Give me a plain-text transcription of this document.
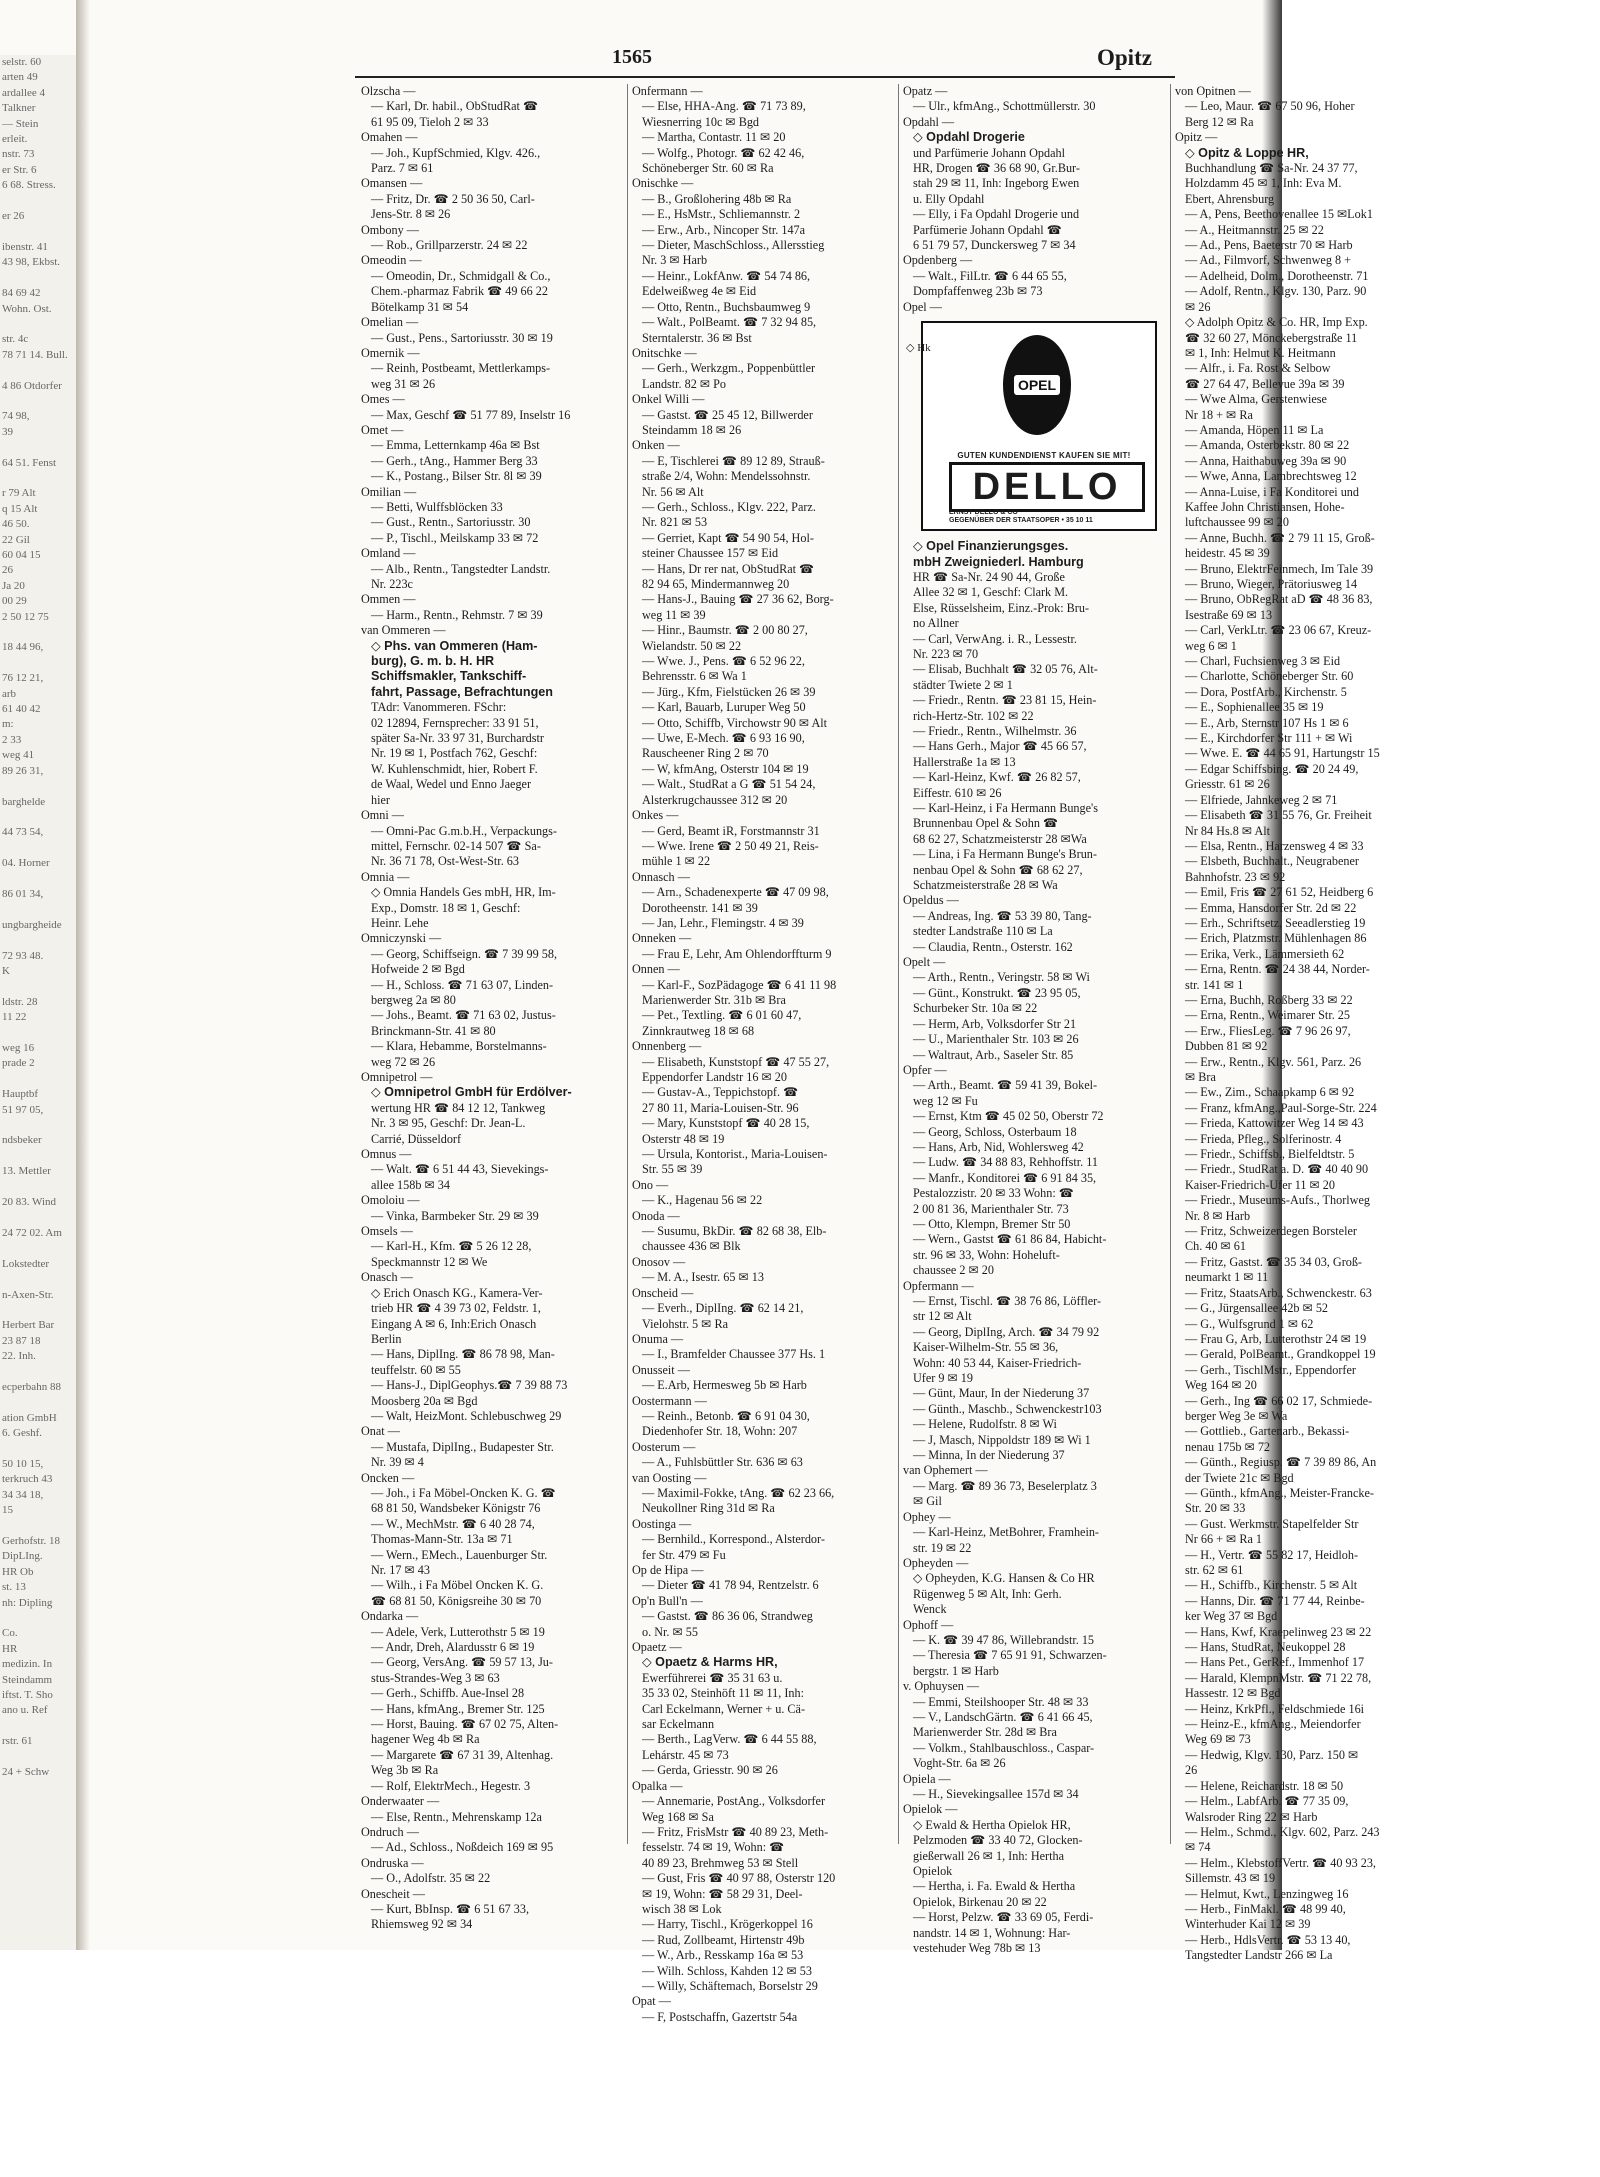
selstr. 60
arten 49
ardallee 4
Talkner
— Stein
erleit.
nstr. 73
er Str. 6
6 68. Stress.

er 26

ibenstr. 41
43 98, Ekbst.

84 69 42
Wohn. Ost.

str. 4c
78 71 14. Bull.

4 86 Otdorfer

74 98,
39

64 51. Fenst

r 79 Alt
q 15 Alt
46 50.
22 Gil
60 04 15
26
Ja 20
00 29
2 50 12 75

18 44 96,

76 12 21,
arb
61 40 42
m:
2 33
weg 41
89 26 31,

barghelde

44 73 54,

04. Horner

86 01 34,

ungbargheide

72 93 48.
K

ldstr. 28
11 22

weg 16
prade 2

Hauptbf
51 97 05,

ndsbeker

13. Mettler

20 83. Wind

24 72 02. Am

Lokstedter

n-Axen-Str.

Herbert Bar
23 87 18
22. Inh.

ecperbahn 88

ation GmbH
6. Geshf.

50 10 15,
terkruch 43
34 34 18,
15

Gerhofstr. 18
DipLIng.
HR Ob
st. 13
nh: Dipling

Co.
HR
medizin. In
Steindamm
iftst. T. Sho
ano u. Ref

rstr. 61

24 + Schw
1565	Opitz
Olzscha —
— Karl, Dr. habil., ObStudRat ☎
61 95 09, Tieloh 2 ✉ 33
Omahen —
— Joh., KupfSchmied, Klgv. 426.,
Parz. 7 ✉ 61
Omansen —
— Fritz, Dr. ☎ 2 50 36 50, Carl-
Jens-Str. 8 ✉ 26
Ombony —
— Rob., Grillparzerstr. 24 ✉ 22
Omeodin —
— Omeodin, Dr., Schmidgall & Co.,
Chem.-pharmaz Fabrik ☎ 49 66 22
Bötelkamp 31 ✉ 54
Omelian —
— Gust., Pens., Sartoriusstr. 30 ✉ 19
Omernik —
— Reinh, Postbeamt, Mettlerkamps-
weg 31 ✉ 26
Omes —
— Max, Geschf ☎ 51 77 89, Inselstr 16
Omet —
— Emma, Letternkamp 46a ✉ Bst
— Gerh., tAng., Hammer Berg 33
— K., Postang., Bilser Str. 8l ✉ 39
Omilian —
— Betti, Wulffsblöcken 33
— Gust., Rentn., Sartoriusstr. 30
— P., Tischl., Meilskamp 33 ✉ 72
Omland —
— Alb., Rentn., Tangstedter Landstr.
Nr. 223c
Ommen —
— Harm., Rentn., Rehmstr. 7 ✉ 39
van Ommeren —
◇ Phs. van Ommeren (Ham-
burg), G. m. b. H. HR
Schiffsmakler, Tankschiff-
fahrt, Passage, Befrachtungen
TAdr: Vanommeren. FSchr:
02 12894, Fernsprecher: 33 91 51,
später Sa-Nr. 33 97 31, Burchardstr
Nr. 19 ✉ 1, Postfach 762, Geschf:
W. Kuhlenschmidt, hier, Robert F.
de Waal, Wedel und Enno Jaeger
hier
Omni —
— Omni-Pac G.m.b.H., Verpackungs-
mittel, Fernschr. 02-14 507 ☎ Sa-
Nr. 36 71 78, Ost-West-Str. 63
Omnia —
◇ Omnia Handels Ges mbH, HR, Im-
Exp., Domstr. 18 ✉ 1, Geschf:
Heinr. Lehe
Omniczynski —
— Georg, Schiffseign. ☎ 7 39 99 58,
Hofweide 2 ✉ Bgd
— H., Schloss. ☎ 71 63 07, Linden-
bergweg 2a ✉ 80
— Johs., Beamt. ☎ 71 63 02, Justus-
Brinckmann-Str. 41 ✉ 80
— Klara, Hebamme, Borstelmanns-
weg 72 ✉ 26
Omnipetrol —
◇ Omnipetrol GmbH für Erdölver-
wertung HR ☎ 84 12 12, Tankweg
Nr. 3 ✉ 95, Geschf: Dr. Jean-L.
Carrié, Düsseldorf
Omnus —
— Walt. ☎ 6 51 44 43, Sievekings-
allee 158b ✉ 34
Omoloiu —
— Vinka, Barmbeker Str. 29 ✉ 39
Omsels —
— Karl-H., Kfm. ☎ 5 26 12 28,
Speckmannstr 12 ✉ We
Onasch —
◇ Erich Onasch KG., Kamera-Ver-
trieb HR ☎ 4 39 73 02, Feldstr. 1,
Eingang A ✉ 6, Inh:Erich Onasch
Berlin
— Hans, DiplIng. ☎ 86 78 98, Man-
teuffelstr. 60 ✉ 55
— Hans-J., DiplGeophys.☎ 7 39 88 73
Moosberg 20a ✉ Bgd
— Walt, HeizMont. Schlebuschweg 29
Onat —
— Mustafa, DiplIng., Budapester Str.
Nr. 39 ✉ 4
Oncken —
— Joh., i Fa Möbel-Oncken K. G. ☎
68 81 50, Wandsbeker Königstr 76
— W., MechMstr. ☎ 6 40 28 74,
Thomas-Mann-Str. 13a ✉ 71
— Wern., EMech., Lauenburger Str.
Nr. 17 ✉ 43
— Wilh., i Fa Möbel Oncken K. G.
☎ 68 81 50, Königsreihe 30 ✉ 70
Ondarka —
— Adele, Verk, Lutterothstr 5 ✉ 19
— Andr, Dreh, Alardusstr 6 ✉ 19
— Georg, VersAng. ☎ 59 57 13, Ju-
stus-Strandes-Weg 3 ✉ 63
— Gerh., Schiffb. Aue-Insel 28
— Hans, kfmAng., Bremer Str. 125
— Horst, Bauing. ☎ 67 02 75, Alten-
hagener Weg 4b ✉ Ra
— Margarete ☎ 67 31 39, Altenhag.
Weg 3b ✉ Ra
— Rolf, ElektrMech., Hegestr. 3
Onderwaater —
— Else, Rentn., Mehrenskamp 12a
Ondruch —
— Ad., Schloss., Noßdeich 169 ✉ 95
Ondruska —
— O., Adolfstr. 35 ✉ 22
Onescheit —
— Kurt, BbInsp. ☎ 6 51 67 33,
Rhiemsweg 92 ✉ 34
Onfermann —
— Else, HHA-Ang. ☎ 71 73 89,
Wiesnerring 10c ✉ Bgd
— Martha, Contastr. 11 ✉ 20
— Wolfg., Photogr. ☎ 62 42 46,
Schöneberger Str. 60 ✉ Ra
Onischke —
— B., Großlohering 48b ✉ Ra
— E., HsMstr., Schliemannstr. 2
— Erw., Arb., Nincoper Str. 147a
— Dieter, MaschSchloss., Allersstieg
Nr. 3 ✉ Harb
— Heinr., LokfAnw. ☎ 54 74 86,
Edelweißweg 4e ✉ Eid
— Otto, Rentn., Buchsbaumweg 9
— Walt., PolBeamt. ☎ 7 32 94 85,
Sterntalerstr. 36 ✉ Bst
Onitschke —
— Gerh., Werkzgm., Poppenbüttler
Landstr. 82 ✉ Po
Onkel Willi —
— Gastst. ☎ 25 45 12, Billwerder
Steindamm 18 ✉ 26
Onken —
— E, Tischlerei ☎ 89 12 89, Strauß-
straße 2/4, Wohn: Mendelssohnstr.
Nr. 56 ✉ Alt
— Gerh., Schloss., Klgv. 222, Parz.
Nr. 821 ✉ 53
— Gerriet, Kapt ☎ 54 90 54, Hol-
steiner Chaussee 157 ✉ Eid
— Hans, Dr rer nat, ObStudRat ☎
82 94 65, Mindermannweg 20
— Hans-J., Bauing ☎ 27 36 62, Borg-
weg 11 ✉ 39
— Hinr., Baumstr. ☎ 2 00 80 27,
Wielandstr. 50 ✉ 22
— Wwe. J., Pens. ☎ 6 52 96 22,
Behrensstr. 6 ✉ Wa 1
— Jürg., Kfm, Fielstücken 26 ✉ 39
— Karl, Bauarb, Luruper Weg 50
— Otto, Schiffb, Virchowstr 90 ✉ Alt
— Uwe, E-Mech. ☎ 6 93 16 90,
Rauscheener Ring 2 ✉ 70
— W, kfmAng, Osterstr 104 ✉ 19
— Walt., StudRat a G ☎ 51 54 24,
Alsterkrugchaussee 312 ✉ 20
Onkes —
— Gerd, Beamt iR, Forstmannstr 31
— Wwe. Irene ☎ 2 50 49 21, Reis-
mühle 1 ✉ 22
Onnasch —
— Arn., Schadenexperte ☎ 47 09 98,
Dorotheenstr. 141 ✉ 39
— Jan, Lehr., Flemingstr. 4 ✉ 39
Onneken —
— Frau E, Lehr, Am Ohlendorffturm 9
Onnen —
— Karl-F., SozPädagoge ☎ 6 41 11 98
Marienwerder Str. 31b ✉ Bra
— Pet., Textling. ☎ 6 01 60 47,
Zinnkrautweg 18 ✉ 68
Onnenberg —
— Elisabeth, Kunststopf ☎ 47 55 27,
Eppendorfer Landstr 16 ✉ 20
— Gustav-A., Teppichstopf. ☎
27 80 11, Maria-Louisen-Str. 96
— Mary, Kunststopf ☎ 40 28 15,
Osterstr 48 ✉ 19
— Ursula, Kontorist., Maria-Louisen-
Str. 55 ✉ 39
Ono —
— K., Hagenau 56 ✉ 22
Onoda —
— Susumu, BkDir. ☎ 82 68 38, Elb-
chaussee 436 ✉ Blk
Onosov —
— M. A., Isestr. 65 ✉ 13
Onscheid —
— Everh., DiplIng. ☎ 62 14 21,
Vielohstr. 5 ✉ Ra
Onuma —
— I., Bramfelder Chaussee 377 Hs. 1
Onusseit —
— E.Arb, Hermesweg 5b ✉ Harb
Oostermann —
— Reinh., Betonb. ☎ 6 91 04 30,
Diedenhofer Str. 18, Wohn: 207
Oosterum —
— A., Fuhlsbüttler Str. 636 ✉ 63
van Oosting —
— Maximil-Fokke, tAng. ☎ 62 23 66,
Neukollner Ring 31d ✉ Ra
Oostinga —
— Bernhild., Korrespond., Alsterdor-
fer Str. 479 ✉ Fu
Op de Hipa —
— Dieter ☎ 41 78 94, Rentzelstr. 6
Op'n Bull'n —
— Gastst. ☎ 86 36 06, Strandweg
o. Nr. ✉ 55
Opaetz —
◇ Opaetz & Harms HR,
Ewerführerei ☎ 35 31 63 u.
35 33 02, Steinhöft 11 ✉ 11, Inh:
Carl Eckelmann, Werner + u. Cä-
sar Eckelmann
— Berth., LagVerw. ☎ 6 44 55 88,
Lehárstr. 45 ✉ 73
— Gerda, Griesstr. 90 ✉ 26
Opalka —
— Annemarie, PostAng., Volksdorfer
Weg 168 ✉ Sa
— Fritz, FrisMstr ☎ 40 89 23, Meth-
fesselstr. 74 ✉ 19, Wohn: ☎
40 89 23, Brehmweg 53 ✉ Stell
— Gust, Fris ☎ 40 97 88, Osterstr 120
✉ 19, Wohn: ☎ 58 29 31, Deel-
wisch 38 ✉ Lok
— Harry, Tischl., Krögerkoppel 16
— Rud, Zollbeamt, Hirtenstr 49b
— W., Arb., Resskamp 16a ✉ 53
— Wilh. Schloss, Kahden 12 ✉ 53
— Willy, Schäftemach, Borselstr 29
Opat —
— F, Postschaffn, Gazertstr 54a
Opatz —
— Ulr., kfmAng., Schottmüllerstr. 30
Opdahl —
◇ Opdahl Drogerie
und Parfümerie Johann Opdahl
HR, Drogen ☎ 36 68 90, Gr.Bur-
stah 29 ✉ 11, Inh: Ingeborg Ewen
u. Elly Opdahl
— Elly, i Fa Opdahl Drogerie und
Parfümerie Johann Opdahl ☎
6 51 79 57, Dunckersweg 7 ✉ 34
Opdenberg —
— Walt., FilLtr. ☎ 6 44 65 55,
Dompfaffenweg 23b ✉ 73
Opel —
◇ Hk
OPEL
GUTEN KUNDENDIENST KAUFEN SIE MIT!
DELLO
ERNST DELLO & CO
GEGENÜBER DER STAATSOPER • 35 10 11
◇ Opel Finanzierungsges.
mbH Zweigniederl. Hamburg
HR ☎ Sa-Nr. 24 90 44, Große
Allee 32 ✉ 1, Geschf: Clark M.
Else, Rüsselsheim, Einz.-Prok: Bru-
no Allner
— Carl, VerwAng. i. R., Lessestr.
Nr. 223 ✉ 70
— Elisab, Buchhalt ☎ 32 05 76, Alt-
städter Twiete 2 ✉ 1
— Friedr., Rentn. ☎ 23 81 15, Hein-
rich-Hertz-Str. 102 ✉ 22
— Friedr., Rentn., Wilhelmstr. 36
— Hans Gerh., Major ☎ 45 66 57,
Hallerstraße 1a ✉ 13
— Karl-Heinz, Kwf. ☎ 26 82 57,
Eiffestr. 610 ✉ 26
— Karl-Heinz, i Fa Hermann Bunge's
Brunnenbau Opel & Sohn ☎
68 62 27, Schatzmeisterstr 28 ✉Wa
— Lina, i Fa Hermann Bunge's Brun-
nenbau Opel & Sohn ☎ 68 62 27,
Schatzmeisterstraße 28 ✉ Wa
Opeldus —
— Andreas, Ing. ☎ 53 39 80, Tang-
stedter Landstraße 110 ✉ La
— Claudia, Rentn., Osterstr. 162
Opelt —
— Arth., Rentn., Veringstr. 58 ✉ Wi
— Günt., Konstrukt. ☎ 23 95 05,
Schurbeker Str. 10a ✉ 22
— Herm, Arb, Volksdorfer Str 21
— U., Marienthaler Str. 103 ✉ 26
— Waltraut, Arb., Saseler Str. 85
Opfer —
— Arth., Beamt. ☎ 59 41 39, Bokel-
weg 12 ✉ Fu
— Ernst, Ktm ☎ 45 02 50, Oberstr 72
— Georg, Schloss, Osterbaum 18
— Hans, Arb, Nid, Wohlersweg 42
— Ludw. ☎ 34 88 83, Rehhoffstr. 11
— Manfr., Konditorei ☎ 6 91 84 35,
Pestalozzistr. 20 ✉ 33 Wohn: ☎
2 00 81 36, Marienthaler Str. 73
— Otto, Klempn, Bremer Str 50
— Wern., Gastst ☎ 61 86 84, Habicht-
str. 96 ✉ 33, Wohn: Hoheluft-
chaussee 2 ✉ 20
Opfermann —
— Ernst, Tischl. ☎ 38 76 86, Löffler-
str 12 ✉ Alt
— Georg, DiplIng, Arch. ☎ 34 79 92
Kaiser-Wilhelm-Str. 55 ✉ 36,
Wohn: 40 53 44, Kaiser-Friedrich-
Ufer 9 ✉ 19
— Günt, Maur, In der Niederung 37
— Günth., Maschb., Schwenckestr103
— Helene, Rudolfstr. 8 ✉ Wi
— J, Masch, Nippoldstr 189 ✉ Wi 1
— Minna, In der Niederung 37
van Ophemert —
— Marg. ☎ 89 36 73, Beselerplatz 3
✉ Gil
Ophey —
— Karl-Heinz, MetBohrer, Framhein-
str. 19 ✉ 22
Opheyden —
◇ Opheyden, K.G. Hansen & Co HR
Rügenweg 5 ✉ Alt, Inh: Gerh.
Wenck
Ophoff —
— K. ☎ 39 47 86, Willebrandstr. 15
— Theresia ☎ 7 65 91 91, Schwarzen-
bergstr. 1 ✉ Harb
v. Ophuysen —
— Emmi, Steilshooper Str. 48 ✉ 33
— V., LandschGärtn. ☎ 6 41 66 45,
Marienwerder Str. 28d ✉ Bra
— Volkm., Stahlbauschloss., Caspar-
Voght-Str. 6a ✉ 26
Opiela —
— H., Sievekingsallee 157d ✉ 34
Opielok —
◇ Ewald & Hertha Opielok HR,
Pelzmoden ☎ 33 40 72, Glocken-
gießerwall 26 ✉ 1, Inh: Hertha
Opielok
— Hertha, i. Fa. Ewald & Hertha
Opielok, Birkenau 20 ✉ 22
— Horst, Pelzw. ☎ 33 69 05, Ferdi-
nandstr. 14 ✉ 1, Wohnung: Har-
vestehuder Weg 78b ✉ 13
von Opitnen —
— Leo, Maur. ☎ 67 50 96, Hoher
Berg 12 ✉ Ra
Opitz —
◇ Opitz & Loppe HR,
Buchhandlung ☎ Sa-Nr. 24 37 77,
Holzdamm 45 ✉ 1, Inh: Eva M.
Ebert, Ahrensburg
— A, Pens, Beethovenallee 15 ✉Lok1
— A., Heitmannstr. 25 ✉ 22
— Ad., Pens, Baeterstr 70 ✉ Harb
— Ad., Filmvorf, Schwenweg 8 +
— Adelheid, Dolm., Dorotheenstr. 71
— Adolf, Rentn., Klgv. 130, Parz. 90
✉ 26
◇ Adolph Opitz & Co. HR, Imp Exp.
☎ 32 60 27, Mönckebergstraße 11
✉ 1, Inh: Helmut K. Heitmann
— Alfr., i. Fa. Rost & Selbow
☎ 27 64 47, Bellevue 39a ✉ 39
— Wwe Alma, Gerstenwiese
Nr 18 + ✉ Ra
— Amanda, Höpen 11 ✉ La
— Amanda, Osterbekstr. 80 ✉ 22
— Anna, Haithabuweg 39a ✉ 90
— Wwe, Anna, Lambrechtsweg 12
— Anna-Luise, i Fa Konditorei und
Kaffee John Christiansen, Hohe-
luftchaussee 99 ✉ 20
— Anne, Buchh. ☎ 2 79 11 15, Groß-
heidestr. 45 ✉ 39
— Bruno, ElektrFeinmech, Im Tale 39
— Bruno, Wieger, Prätoriusweg 14
— Bruno, ObRegRat aD ☎ 48 36 83,
Isestraße 69 ✉ 13
— Carl, VerkLtr. ☎ 23 06 67, Kreuz-
weg 6 ✉ 1
— Charl, Fuchsienweg 3 ✉ Eid
— Charlotte, Schöneberger Str. 60
— Dora, PostfArb., Kirchenstr. 5
— E., Sophienallee 35 ✉ 19
— E., Arb, Sternstr 107 Hs 1 ✉ 6
— E., Kirchdorfer Str 111 + ✉ Wi
— Wwe. E. ☎ 44 65 91, Hartungstr 15
— Edgar Schiffsbing. ☎ 20 24 49,
Griesstr. 61 ✉ 26
— Elfriede, Jahnkeweg 2 ✉ 71
— Elisabeth ☎ 31 55 76, Gr. Freiheit
Nr 84 Hs.8 ✉ Alt
— Elsa, Rentn., Harzensweg 4 ✉ 33
— Elsbeth, Buchhalt., Neugrabener
Bahnhofstr. 23 ✉ 92
— Emil, Fris ☎ 27 61 52, Heidberg 6
— Emma, Hansdorfer Str. 2d ✉ 22
— Erh., Schriftsetz, Seeadlerstieg 19
— Erich, Platzmstr. Mühlenhagen 86
— Erika, Verk., Lämmersieth 62
— Erna, Rentn. ☎ 24 38 44, Norder-
str. 141 ✉ 1
— Erna, Buchh, Roßberg 33 ✉ 22
— Erna, Rentn., Weimarer Str. 25
— Erw., FliesLeg. ☎ 7 96 26 97,
Dubben 81 ✉ 92
— Erw., Rentn., Klgv. 561, Parz. 26
✉ Bra
— Ew., Zim., Schaapkamp 6 ✉ 92
— Franz, kfmAng.,Paul-Sorge-Str. 224
— Frieda, Kattowitzer Weg 14 ✉ 43
— Frieda, Pfleg., Solferinostr. 4
— Friedr., Schiffsb., Bielfeldtstr. 5
— Friedr., StudRat a. D. ☎ 40 40 90
Kaiser-Friedrich-Ufer 11 ✉ 20
— Friedr., Museums-Aufs., Thorlweg
Nr. 8 ✉ Harb
— Fritz, Schweizerdegen Borsteler
Ch. 40 ✉ 61
— Fritz, Gastst. ☎ 35 34 03, Groß-
neumarkt 1 ✉ 11
— Fritz, StaatsArb., Schwenckestr. 63
— G., Jürgensallee 42b ✉ 52
— G., Wulfsgrund 1 ✉ 62
— Frau G, Arb, Lutterothstr 24 ✉ 19
— Gerald, PolBeamt., Grandkoppel 19
— Gerh., TischlMstr., Eppendorfer
Weg 164 ✉ 20
— Gerh., Ing ☎ 66 02 17, Schmiede-
berger Weg 3e ✉ Wa
— Gottlieb., Gartenarb., Bekassi-
nenau 175b ✉ 72
— Günth., Regiusp. ☎ 7 39 89 86, An
der Twiete 21c ✉ Bgd
— Günth., kfmAng., Meister-Francke-
Str. 20 ✉ 33
— Gust. Werkmstr. Stapelfelder Str
Nr 66 + ✉ Ra 1
— H., Vertr. ☎ 55 82 17, Heidloh-
str. 62 ✉ 61
— H., Schiffb., Kirchenstr. 5 ✉ Alt
— Hanns, Dir. ☎ 71 77 44, Reinbe-
ker Weg 37 ✉ Bgd
— Hans, Kwf, Kraepelinweg 23 ✉ 22
— Hans, StudRat, Neukoppel 28
— Hans Pet., GerRef., Immenhof 17
— Harald, KlempnMstr. ☎ 71 22 78,
Hassestr. 12 ✉ Bgd
— Heinz, KrkPfl., Feldschmiede 16i
— Heinz-E., kfmAng., Meiendorfer
Weg 69 ✉ 73
— Hedwig, Klgv. 130, Parz. 150 ✉
26
— Helene, Reichardstr. 18 ✉ 50
— Helm., LabfArb. ☎ 77 35 09,
Walsroder Ring 22 ✉ Harb
— Helm., Schmd., Klgv. 602, Parz. 243
✉ 74
— Helm., KlebstoffVertr. ☎ 40 93 23,
Sillemstr. 43 ✉ 19
— Helmut, Kwt., Lenzingweg 16
— Herb., FinMakl. ☎ 48 99 40,
Winterhuder Kai 12 ✉ 39
— Herb., HdlsVertr. ☎ 53 13 40,
Tangstedter Landstr 266 ✉ La
